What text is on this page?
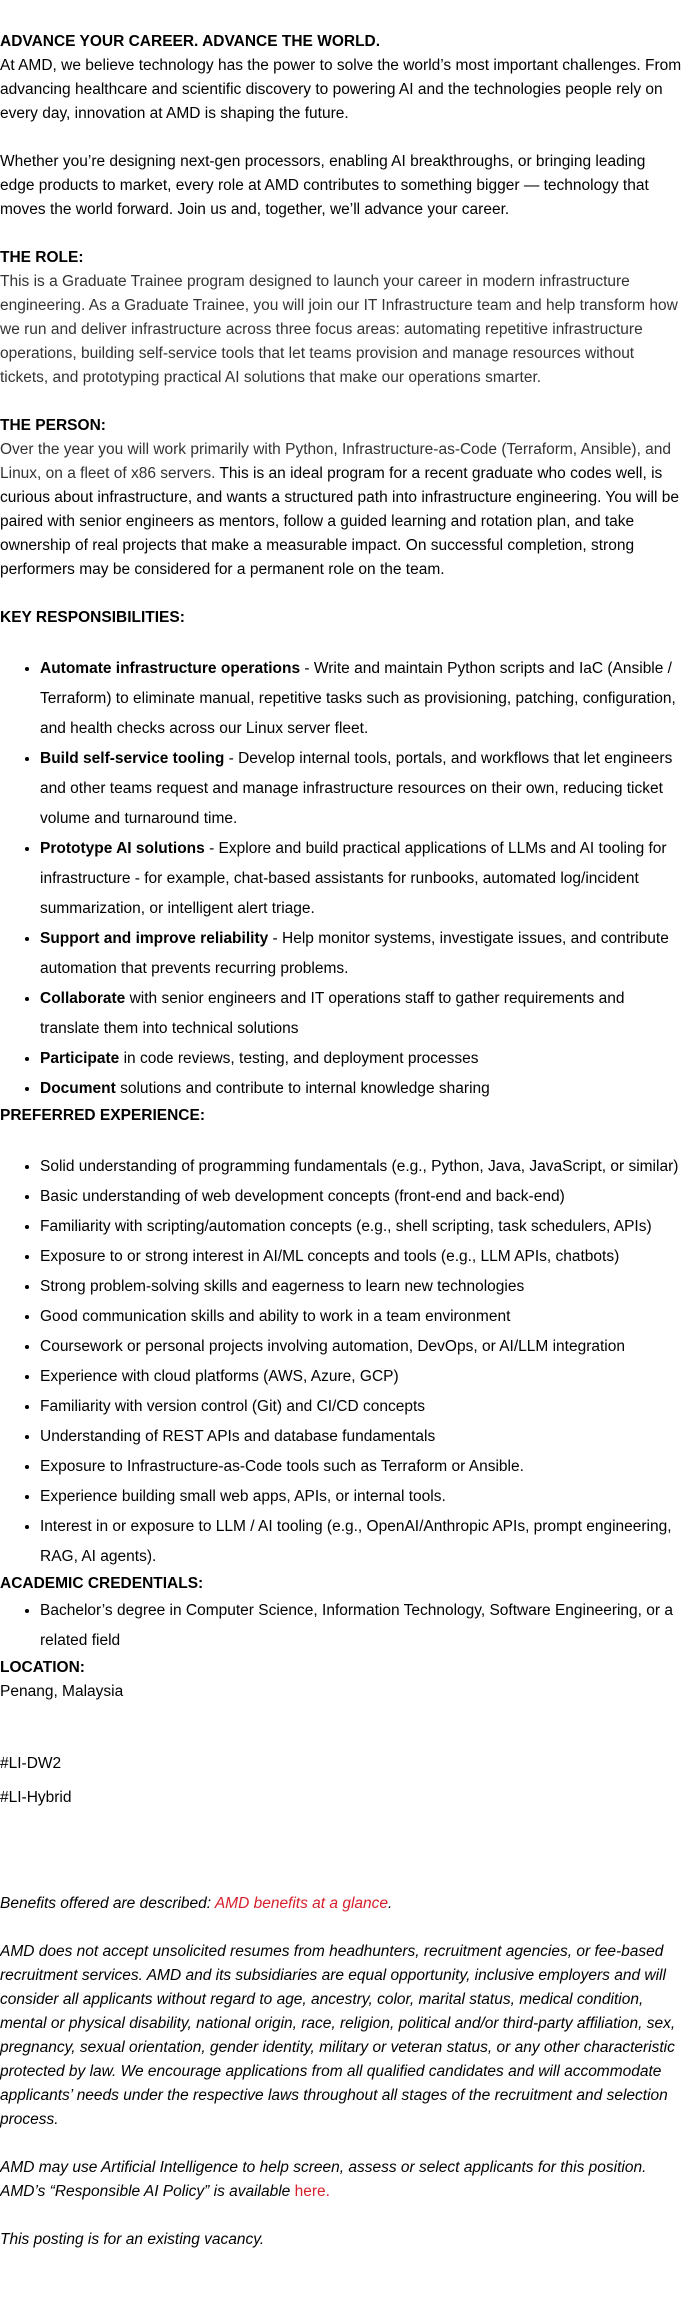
ADVANCE YOUR CAREER. ADVANCE THE WORLD.

At AMD, we believe technology has the power to solve the world’s most important challenges. From advancing healthcare and scientific discovery to powering AI and the technologies people rely on every day, innovation at AMD is shaping the future.

Whether you’re designing next-gen processors, enabling AI breakthroughs, or bringing leading edge products to market, every role at AMD contributes to something bigger — technology that moves the world forward. Join us and, together, we’ll advance your career.

THE ROLE:

This is a Graduate Trainee program designed to launch your career in modern infrastructure engineering. As a Graduate Trainee, you will join our IT Infrastructure team and help transform how we run and deliver infrastructure across three focus areas: automating repetitive infrastructure operations, building self-service tools that let teams provision and manage resources without tickets, and prototyping practical AI solutions that make our operations smarter.

THE PERSON:

Over the year you will work primarily with Python, Infrastructure-as-Code (Terraform, Ansible), and Linux, on a fleet of x86 servers. This is an ideal program for a recent graduate who codes well, is curious about infrastructure, and wants a structured path into infrastructure engineering. You will be paired with senior engineers as mentors, follow a guided learning and rotation plan, and take ownership of real projects that make a measurable impact. On successful completion, strong performers may be considered for a permanent role on the team.

KEY RESPONSIBILITIES:

• Automate infrastructure operations - Write and maintain Python scripts and IaC (Ansible / Terraform) to eliminate manual, repetitive tasks such as provisioning, patching, configuration, and health checks across our Linux server fleet.
• Build self-service tooling - Develop internal tools, portals, and workflows that let engineers and other teams request and manage infrastructure resources on their own, reducing ticket volume and turnaround time.
• Prototype AI solutions - Explore and build practical applications of LLMs and AI tooling for infrastructure - for example, chat-based assistants for runbooks, automated log/incident summarization, or intelligent alert triage.
• Support and improve reliability - Help monitor systems, investigate issues, and contribute automation that prevents recurring problems.
• Collaborate with senior engineers and IT operations staff to gather requirements and translate them into technical solutions
• Participate in code reviews, testing, and deployment processes
• Document solutions and contribute to internal knowledge sharing

PREFERRED EXPERIENCE:

• Solid understanding of programming fundamentals (e.g., Python, Java, JavaScript, or similar)
• Basic understanding of web development concepts (front-end and back-end)
• Familiarity with scripting/automation concepts (e.g., shell scripting, task schedulers, APIs)
• Exposure to or strong interest in AI/ML concepts and tools (e.g., LLM APIs, chatbots)
• Strong problem-solving skills and eagerness to learn new technologies
• Good communication skills and ability to work in a team environment
• Coursework or personal projects involving automation, DevOps, or AI/LLM integration
• Experience with cloud platforms (AWS, Azure, GCP)
• Familiarity with version control (Git) and CI/CD concepts
• Understanding of REST APIs and database fundamentals
• Exposure to Infrastructure-as-Code tools such as Terraform or Ansible.
• Experience building small web apps, APIs, or internal tools.
• Interest in or exposure to LLM / AI tooling (e.g., OpenAI/Anthropic APIs, prompt engineering, RAG, AI agents).

ACADEMIC CREDENTIALS:

• Bachelor’s degree in Computer Science, Information Technology, Software Engineering, or a related field

LOCATION:

Penang, Malaysia

#LI-DW2

#LI-Hybrid

Benefits offered are described: AMD benefits at a glance.

AMD does not accept unsolicited resumes from headhunters, recruitment agencies, or fee-based recruitment services. AMD and its subsidiaries are equal opportunity, inclusive employers and will consider all applicants without regard to age, ancestry, color, marital status, medical condition, mental or physical disability, national origin, race, religion, political and/or third-party affiliation, sex, pregnancy, sexual orientation, gender identity, military or veteran status, or any other characteristic protected by law. We encourage applications from all qualified candidates and will accommodate applicants’ needs under the respective laws throughout all stages of the recruitment and selection process.

AMD may use Artificial Intelligence to help screen, assess or select applicants for this position. AMD’s “Responsible AI Policy” is available here.

This posting is for an existing vacancy.
